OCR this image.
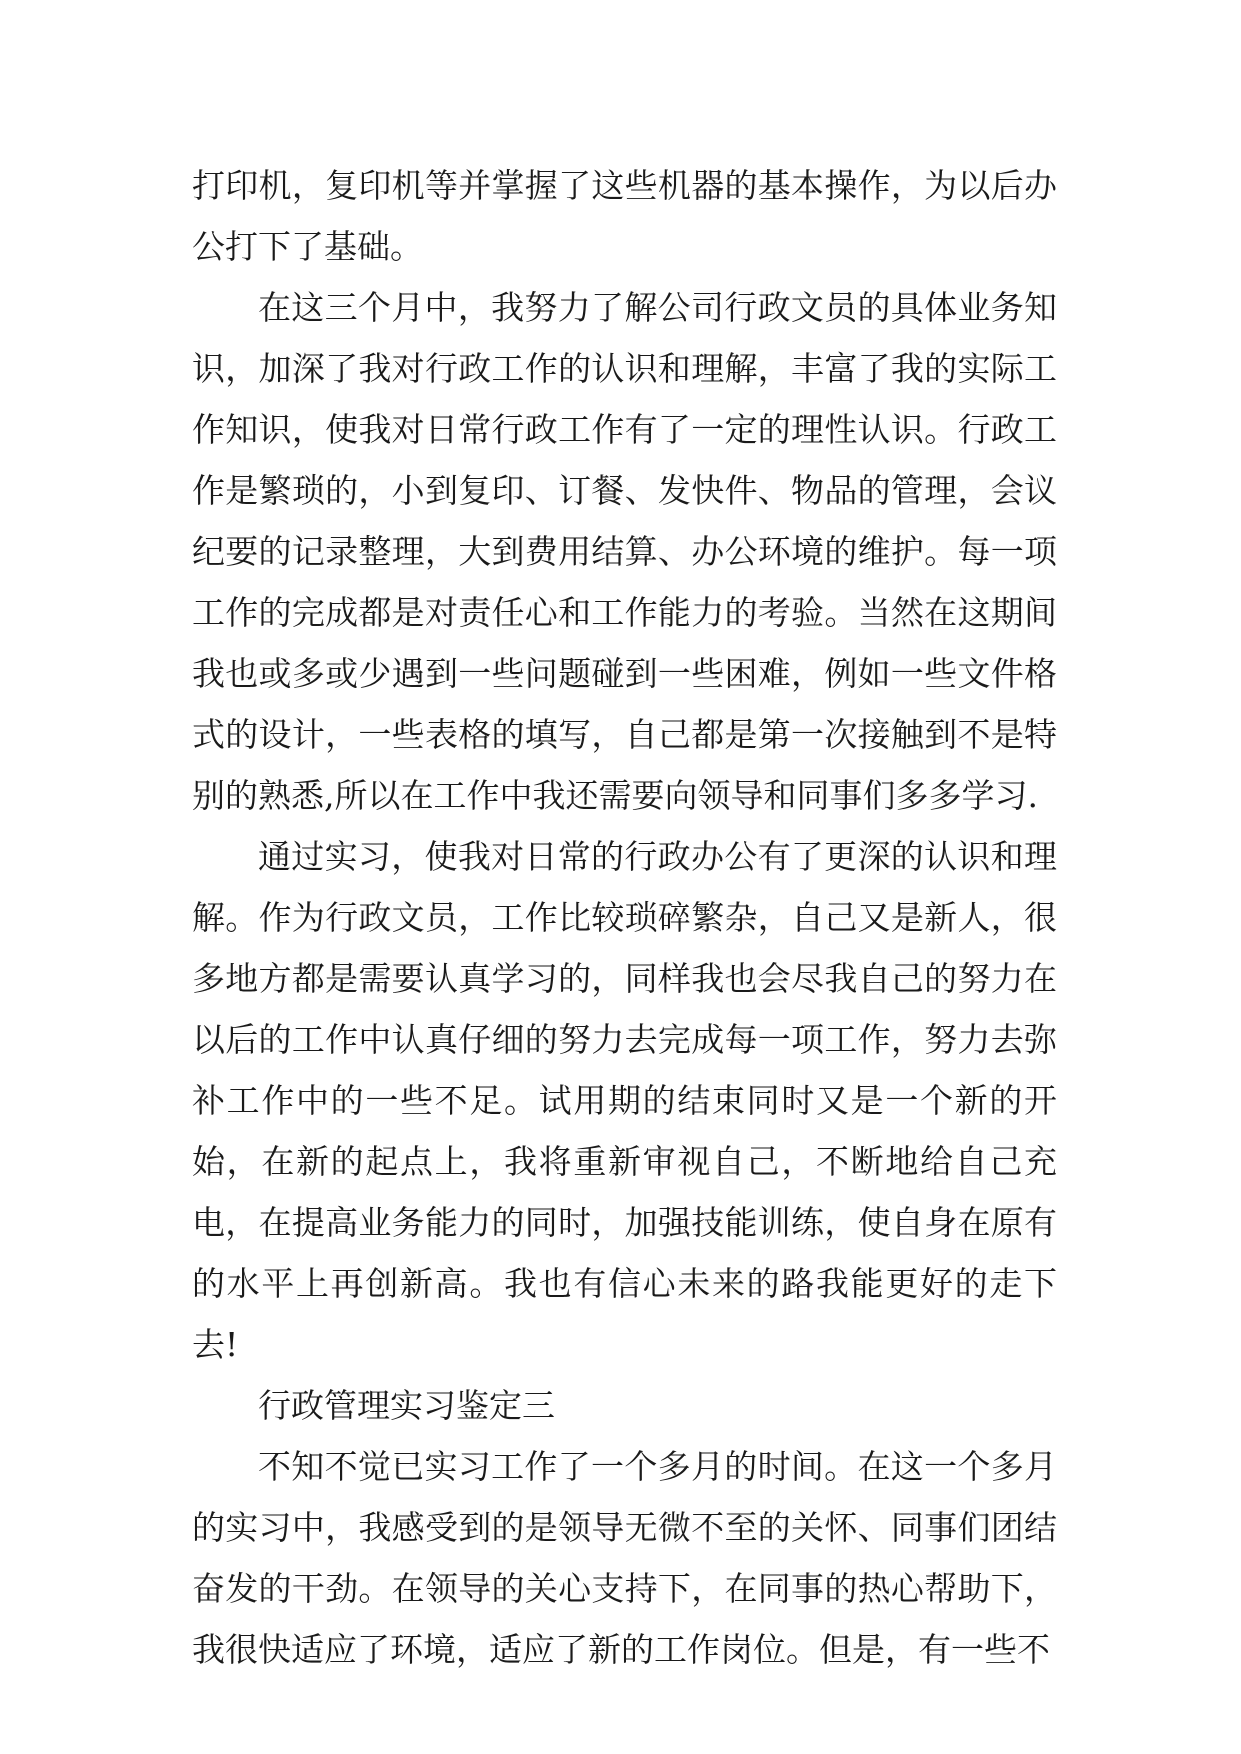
打印机，复印机等并掌握了这些机器的基本操作，为以后办公打下了基础。

在这三个月中，我努力了解公司行政文员的具体业务知识，加深了我对行政工作的认识和理解，丰富了我的实际工作知识，使我对日常行政工作有了一定的理性认识。行政工作是繁琐的，小到复印、订餐、发快件、物品的管理，会议纪要的记录整理，大到费用结算、办公环境的维护。每一项工作的完成都是对责任心和工作能力的考验。当然在这期间我也或多或少遇到一些问题碰到一些困难，例如一些文件格式的设计，一些表格的填写，自己都是第一次接触到不是特别的熟悉,所以在工作中我还需要向领导和同事们多多学习.

通过实习，使我对日常的行政办公有了更深的认识和理解。作为行政文员，工作比较琐碎繁杂，自己又是新人，很多地方都是需要认真学习的，同样我也会尽我自己的努力在以后的工作中认真仔细的努力去完成每一项工作，努力去弥补工作中的一些不足。试用期的结束同时又是一个新的开始，在新的起点上，我将重新审视自己，不断地给自己充电，在提高业务能力的同时，加强技能训练，使自身在原有的水平上再创新高。我也有信心未来的路我能更好的走下去!

行政管理实习鉴定三

不知不觉已实习工作了一个多月的时间。在这一个多月的实习中，我感受到的是领导无微不至的关怀、同事们团结奋发的干劲。在领导的关心支持下，在同事的热心帮助下，我很快适应了环境，适应了新的工作岗位。但是，有一些不
